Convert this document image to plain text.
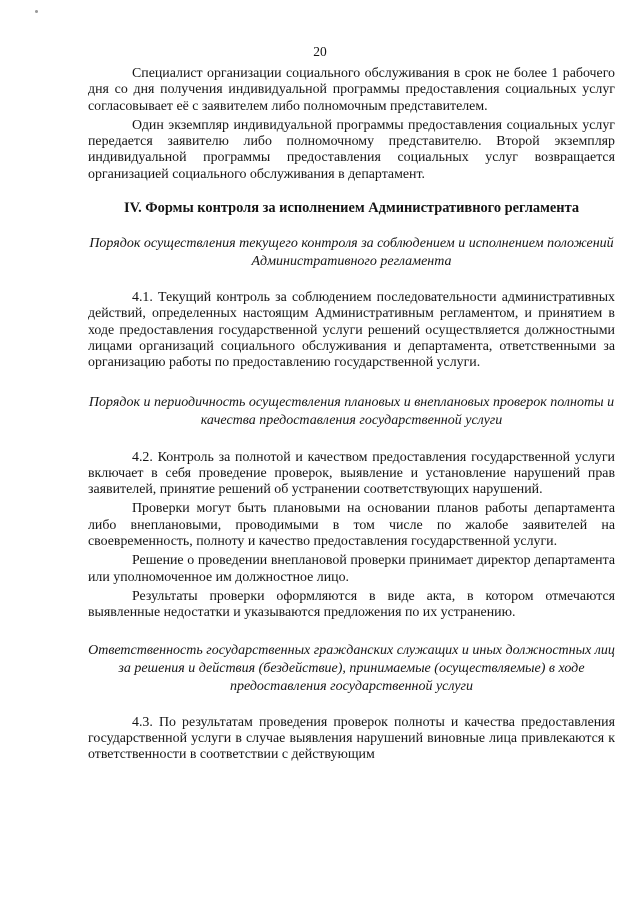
20

Специалист организации социального обслуживания в срок не более 1 рабочего дня со дня получения индивидуальной программы предоставления социальных услуг согласовывает её с заявителем либо полномочным представителем.

Один экземпляр индивидуальной программы предоставления социальных услуг передается заявителю либо полномочному представителю. Второй экземпляр индивидуальной программы предоставления социальных услуг возвращается организацией социального обслуживания в департамент.

IV. Формы контроля за исполнением Административного регламента

Порядок осуществления текущего контроля за соблюдением и исполнением положений Административного регламента

4.1. Текущий контроль за соблюдением последовательности административных действий, определенных настоящим Административным регламентом, и принятием в ходе предоставления государственной услуги решений осуществляется должностными лицами организаций социального обслуживания и департамента, ответственными за организацию работы по предоставлению государственной услуги.

Порядок и периодичность осуществления плановых и внеплановых проверок полноты и качества предоставления государственной услуги

4.2. Контроль за полнотой и качеством предоставления государственной услуги включает в себя проведение проверок, выявление и установление нарушений прав заявителей, принятие решений об устранении соответствующих нарушений.

Проверки могут быть плановыми на основании планов работы департамента либо внеплановыми, проводимыми в том числе по жалобе заявителей на своевременность, полноту и качество предоставления государственной услуги.

Решение о проведении внеплановой проверки принимает директор департамента или уполномоченное им должностное лицо.

Результаты проверки оформляются в виде акта, в котором отмечаются выявленные недостатки и указываются предложения по их устранению.

Ответственность государственных гражданских служащих и иных должностных лиц за решения и действия (бездействие), принимаемые (осуществляемые) в ходе предоставления государственной услуги

4.3. По результатам проведения проверок полноты и качества предоставления государственной услуги в случае выявления нарушений виновные лица привлекаются к ответственности в соответствии с действующим
